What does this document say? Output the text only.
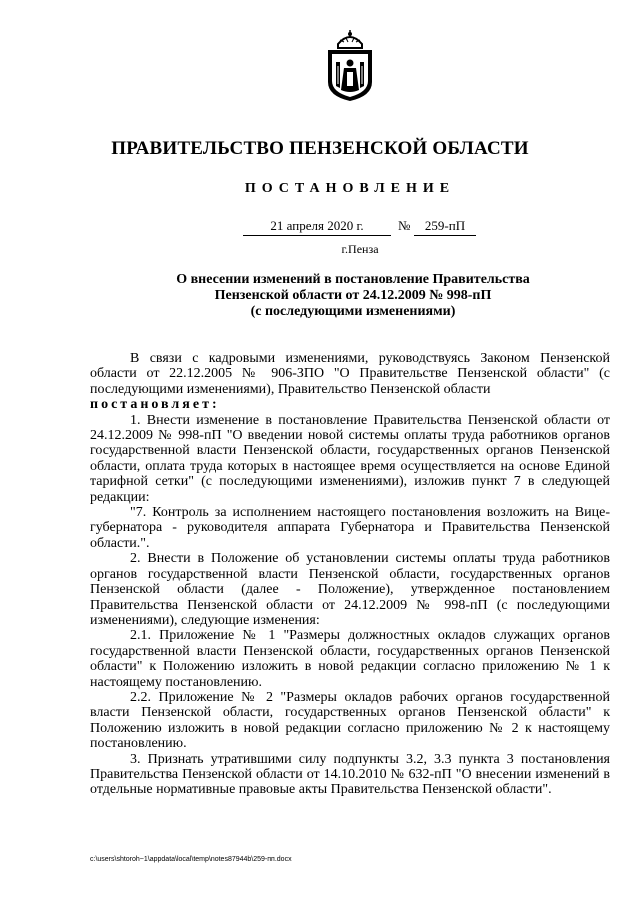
ПРАВИТЕЛЬСТВО ПЕНЗЕНСКОЙ ОБЛАСТИ
ПОСТАНОВЛЕНИЕ
21 апреля 2020 г.	№	259-пП
г.Пенза
О внесении изменений в постановление Правительства
Пензенской области от 24.12.2009 № 998-пП
(с последующими изменениями)

В связи с кадровыми изменениями, руководствуясь Законом Пензенской области от 22.12.2005 № 906-ЗПО "О Правительстве Пензенской области" (с последующими изменениями), Правительство Пензенской области

постановляет:

1. Внести изменение в постановление Правительства Пензенской области от 24.12.2009 № 998-пП "О введении новой системы оплаты труда работников органов государственной власти Пензенской области, государственных органов Пензенской области, оплата труда которых в настоящее время осуществляется на основе Единой тарифной сетки" (с последующими изменениями), изложив пункт 7 в следующей редакции:

"7. Контроль за исполнением настоящего постановления возложить на Вице-губернатора - руководителя аппарата Губернатора и Правительства Пензенской области.".

2. Внести в Положение об установлении системы оплаты труда работников органов государственной власти Пензенской области, государственных органов Пензенской области (далее - Положение), утвержденное постановлением Правительства Пензенской области от 24.12.2009 № 998-пП (с последующими изменениями), следующие изменения:

2.1. Приложение № 1 "Размеры должностных окладов служащих органов государственной власти Пензенской области, государственных органов Пензенской области" к Положению изложить в новой редакции согласно приложению № 1 к настоящему постановлению.

2.2. Приложение № 2 "Размеры окладов рабочих органов государственной власти Пензенской области, государственных органов Пензенской области" к Положению изложить в новой редакции согласно приложению № 2 к настоящему постановлению.

3. Признать утратившими силу подпункты 3.2, 3.3 пункта 3 постановления Правительства Пензенской области от 14.10.2010 № 632-пП "О внесении изменений в отдельные нормативные правовые акты Правительства Пензенской области".

c:\users\shtoroh~1\appdata\local\temp\notes87944b\259-пп.docx
